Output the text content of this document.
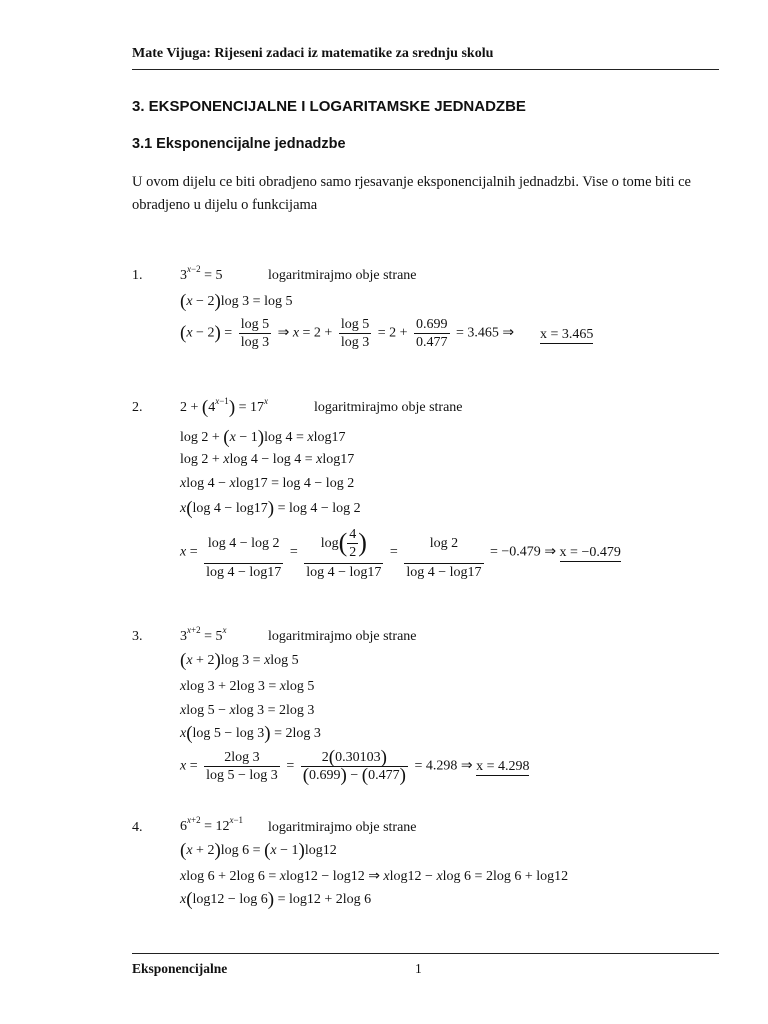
Mate Vijuga: Rijeseni zadaci iz matematike za srednju skolu
3. EKSPONENCIJALNE I LOGARITAMSKE JEDNADZBE
3.1 Eksponencijalne jednadzbe
U ovom dijelu ce biti obradjeno samo rjesavanje eksponencijalnih jednadzbi. Vise o tome biti ce obradjeno u dijelu o funkcijama
1.	$3^{x-2} = 5$	logaritmirajmo obje strane
(x − 2)log 3 = log 5
$(x - 2) = \frac{\log 5}{\log 3}$ ⇒ $x = 2 + \frac{\log 5}{\log 3} = 2 + \frac{0.699}{0.477} = 3.465$ ⇒ x = 3.465
2.	$2 + (4^{x-1}) = 17^x$	logaritmirajmo obje strane
log 2 + (x − 1)log 4 = xlog17
log 2 + xlog 4 − log 4 = xlog17
xlog 4 − xlog17 = log 4 − log 2
x(log 4 − log17) = log 4 − log 2
$x = \frac{\log 4 - \log 2}{\log 4 - \log 17} = \frac{\log( \frac{4}{2} )}{\log 4 - \log 17} = \frac{\log 2}{\log 4 - \log 17} = -0.479$ ⇒ x = −0.479
3.	$3^{x+2} = 5^x$	logaritmirajmo obje strane
(x + 2)log 3 = xlog 5
xlog 3 + 2log 3 = xlog 5
xlog 5 − xlog 3 = 2log 3
x(log 5 − log 3) = 2log 3
$x = \frac{2\log 3}{\log 5 - \log 3} = \frac{2(0.30103)}{(0.699) - (0.477)} = 4.298$ ⇒ x = 4.298
4.	$6^{x+2} = 12^{x-1}$ logaritmirajmo obje strane
(x + 2)log 6 = (x − 1)log12
xlog 6 + 2log 6 = xlog12 − log12 ⇒ xlog12 − xlog 6 = 2log 6 + log12
x(log12 − log 6) = log12 + 2log 6
Eksponencijalne	1
